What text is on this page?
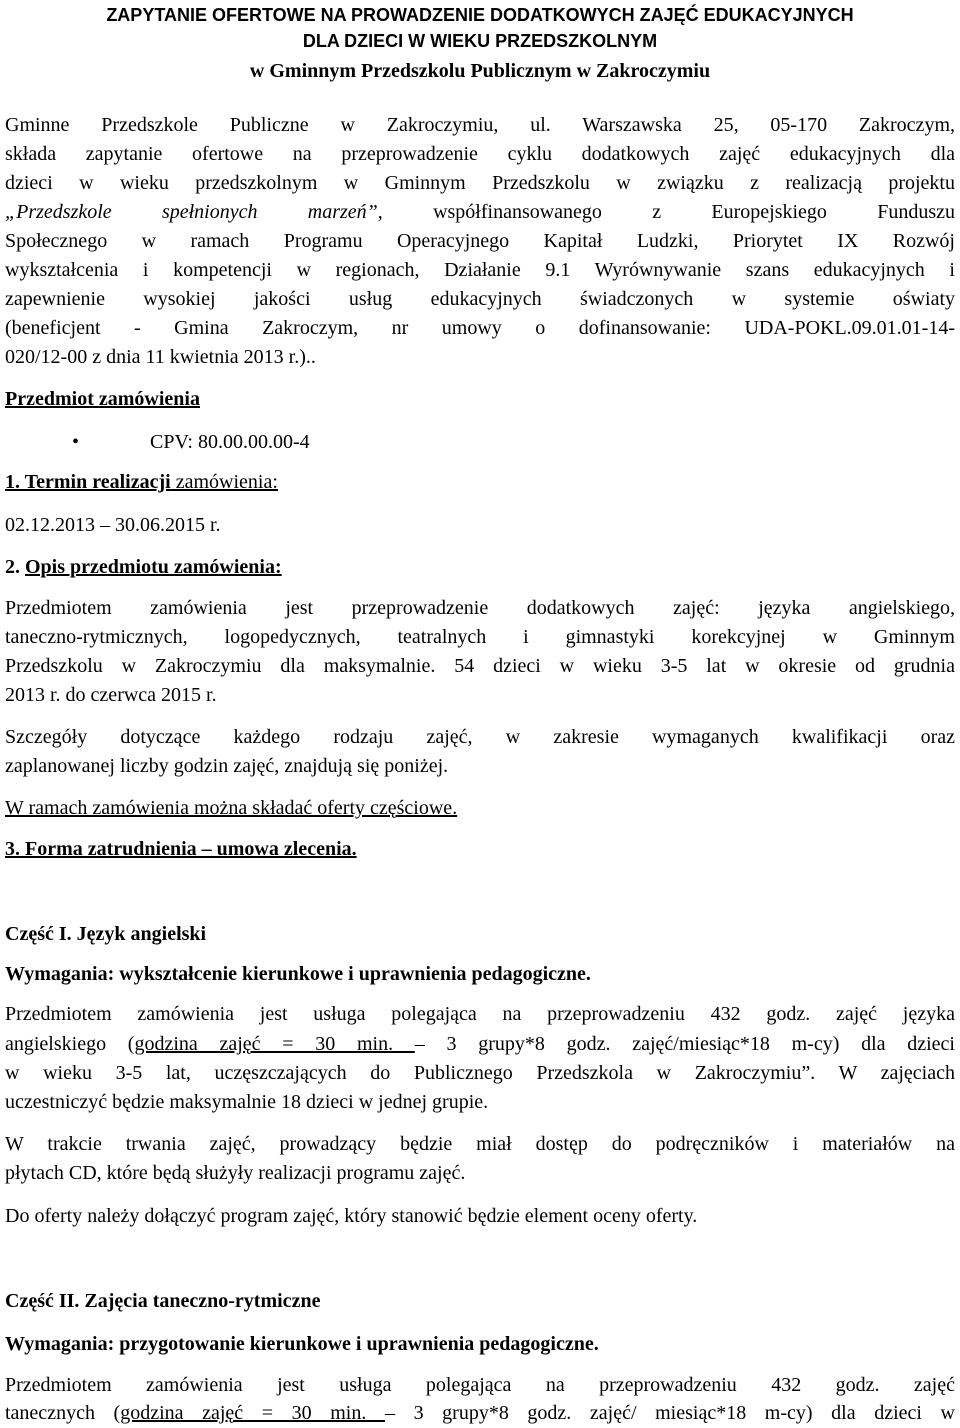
ZAPYTANIE OFERTOWE NA PROWADZENIE DODATKOWYCH ZAJĘĆ EDUKACYJNYCH
DLA DZIECI W WIEKU PRZEDSZKOLNYM
w Gminnym Przedszkolu Publicznym w Zakroczymiu
Gminne Przedszkole Publiczne w Zakroczymiu, ul. Warszawska 25, 05-170 Zakroczym,
składa zapytanie ofertowe na przeprowadzenie cyklu dodatkowych zajęć edukacyjnych dla
dzieci w wieku przedszkolnym w Gminnym Przedszkolu w związku z realizacją projektu
„Przedszkole spełnionych marzeń”, współfinansowanego z Europejskiego Funduszu
Społecznego w ramach Programu Operacyjnego Kapitał Ludzki, Priorytet IX Rozwój
wykształcenia i kompetencji w regionach, Działanie 9.1 Wyrównywanie szans edukacyjnych i
zapewnienie wysokiej jakości usług edukacyjnych świadczonych w systemie oświaty
(beneficjent - Gmina Zakroczym, nr umowy o dofinansowanie: UDA-POKL.09.01.01-14-
020/12-00 z dnia 11 kwietnia 2013 r.)..
Przedmiot zamówienia
•	CPV: 80.00.00.00-4
1. Termin realizacji zamówienia:
02.12.2013 – 30.06.2015 r.
2. Opis przedmiotu zamówienia:
Przedmiotem zamówienia jest przeprowadzenie dodatkowych zajęć: języka angielskiego,
taneczno-rytmicznych, logopedycznych, teatralnych i gimnastyki korekcyjnej w Gminnym
Przedszkolu w Zakroczymiu dla maksymalnie. 54 dzieci w wieku 3-5 lat w okresie od grudnia
2013 r. do czerwca 2015 r.
Szczegóły dotyczące każdego rodzaju zajęć, w zakresie wymaganych kwalifikacji oraz
zaplanowanej liczby godzin zajęć, znajdują się poniżej.
W ramach zamówienia można składać oferty częściowe.
3. Forma zatrudnienia – umowa zlecenia.
Część I. Język angielski
Wymagania: wykształcenie kierunkowe i uprawnienia pedagogiczne.
Przedmiotem zamówienia jest usługa polegająca na przeprowadzeniu 432 godz. zajęć języka
angielskiego (godzina zajęć = 30 min. – 3 grupy*8 godz. zajęć/miesiąc*18 m-cy) dla dzieci
w wieku 3-5 lat, uczęszczających do Publicznego Przedszkola w Zakroczymiu”. W zajęciach
uczestniczyć będzie maksymalnie 18 dzieci w jednej grupie.
W trakcie trwania zajęć, prowadzący będzie miał dostęp do podręczników i materiałów na
płytach CD, które będą służyły realizacji programu zajęć.
Do oferty należy dołączyć program zajęć, który stanowić będzie element oceny oferty.
Część II. Zajęcia taneczno-rytmiczne
Wymagania: przygotowanie kierunkowe i uprawnienia pedagogiczne.
Przedmiotem zamówienia jest usługa polegająca na przeprowadzeniu 432 godz. zajęć
tanecznych (godzina zajęć = 30 min. – 3 grupy*8 godz. zajęć/ miesiąc*18 m-cy) dla dzieci w
